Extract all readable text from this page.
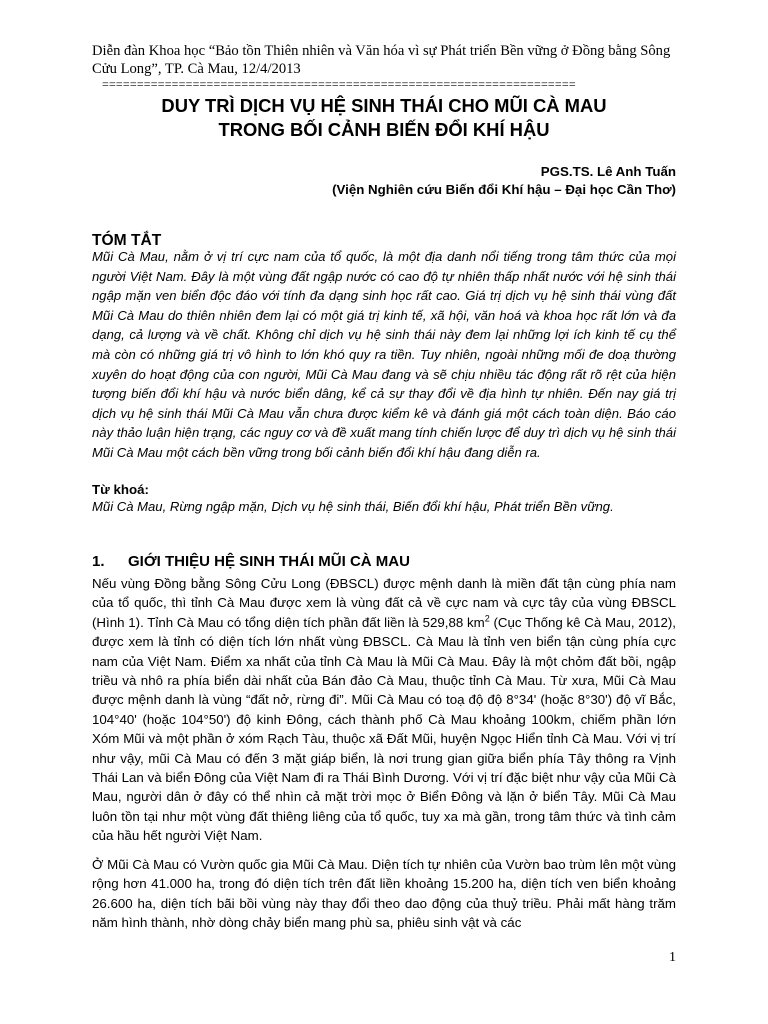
Diễn đàn Khoa học “Bảo tồn Thiên nhiên và Văn hóa vì sự Phát triển Bền vững ở Đồng bằng Sông Cửu Long”, TP. Cà Mau, 12/4/2013
====================================================================
DUY TRÌ DỊCH VỤ HỆ SINH THÁI CHO MŨI CÀ MAU
TRONG BỐI CẢNH BIẾN ĐỔI KHÍ HẬU
PGS.TS. Lê Anh Tuấn
(Viện Nghiên cứu Biến đổi Khí hậu – Đại học Cần Thơ)
TÓM TẮT
Mũi Cà Mau, nằm ở vị trí cực nam của tổ quốc, là một địa danh nổi tiếng trong tâm thức của mọi người Việt Nam. Đây là một vùng đất ngập nước có cao độ tự nhiên thấp nhất nước với hệ sinh thái ngập mặn ven biển độc đáo với tính đa dạng sinh học rất cao. Giá trị dịch vụ hệ sinh thái vùng đất Mũi Cà Mau do thiên nhiên đem lại có một giá trị kinh tế, xã hội, văn hoá và khoa học rất lớn và đa dạng, cả lượng và về chất. Không chỉ dịch vụ hệ sinh thái này đem lại những lợi ích kinh tế cụ thể mà còn có những giá trị vô hình to lớn khó quy ra tiền. Tuy nhiên, ngoài những mối đe doạ thường xuyên do hoạt động của con người, Mũi Cà Mau đang và sẽ chịu nhiều tác động rất rõ rệt của hiện tượng biến đổi khí hậu và nước biển dâng, kể cả sự thay đổi về địa hình tự nhiên. Đến nay giá trị dịch vụ hệ sinh thái Mũi Cà Mau vẫn chưa được kiểm kê và đánh giá một cách toàn diện. Báo cáo này thảo luận hiện trạng, các nguy cơ và đề xuất mang tính chiến lược để duy trì dịch vụ hệ sinh thái Mũi Cà Mau một cách bền vững trong bối cảnh biến đổi khí hậu đang diễn ra.
Từ khoá:
Mũi Cà Mau, Rừng ngập mặn, Dịch vụ hệ sinh thái, Biến đổi khí hậu, Phát triển Bền vững.
1. GIỚI THIỆU HỆ SINH THÁI MŨI CÀ MAU
Nếu vùng Đồng bằng Sông Cửu Long (ĐBSCL) được mệnh danh là miền đất tận cùng phía nam của tổ quốc, thì tỉnh Cà Mau được xem là vùng đất cả về cực nam và cực tây của vùng ĐBSCL (Hình 1). Tỉnh Cà Mau có tổng diện tích phần đất liền là 529,88 $km^2$ (Cục Thống kê Cà Mau, 2012), được xem là tỉnh có diện tích lớn nhất vùng ĐBSCL. Cà Mau là tỉnh ven biển tận cùng phía cực nam của Việt Nam. Điểm xa nhất của tỉnh Cà Mau là Mũi Cà Mau. Đây là một chỏm đất bồi, ngập triều và nhô ra phía biển dài nhất của Bán đảo Cà Mau, thuộc tỉnh Cà Mau. Từ xưa, Mũi Cà Mau được mệnh danh là vùng “đất nở, rừng đi”. Mũi Cà Mau có toạ độ độ 8°34' (hoặc 8°30') độ vĩ Bắc, 104°40' (hoặc 104°50') độ kinh Đông, cách thành phố Cà Mau khoảng 100km, chiếm phần lớn Xóm Mũi và một phần ở xóm Rạch Tàu, thuộc xã Đất Mũi, huyện Ngọc Hiển tỉnh Cà Mau. Với vị trí như vậy, mũi Cà Mau có đến 3 mặt giáp biển, là nơi trung gian giữa biển phía Tây thông ra Vịnh Thái Lan và biển Đông của Việt Nam đi ra Thái Bình Dương. Với vị trí đặc biệt như vậy của Mũi Cà Mau, người dân ở đây có thể nhìn cả mặt trời mọc ở Biển Đông và lặn ở biển Tây. Mũi Cà Mau luôn tồn tại như một vùng đất thiêng liêng của tổ quốc, tuy xa mà gần, trong tâm thức và tình cảm của hầu hết người Việt Nam.
Ở Mũi Cà Mau có Vườn quốc gia Mũi Cà Mau. Diện tích tự nhiên của Vườn bao trùm lên một vùng rộng hơn 41.000 ha, trong đó diện tích trên đất liền khoảng 15.200 ha, diện tích ven biển khoảng 26.600 ha, diện tích bãi bồi vùng này thay đổi theo dao động của thuỷ triều. Phải mất hàng trăm năm hình thành, nhờ dòng chảy biển mang phù sa, phiêu sinh vật và các
1
